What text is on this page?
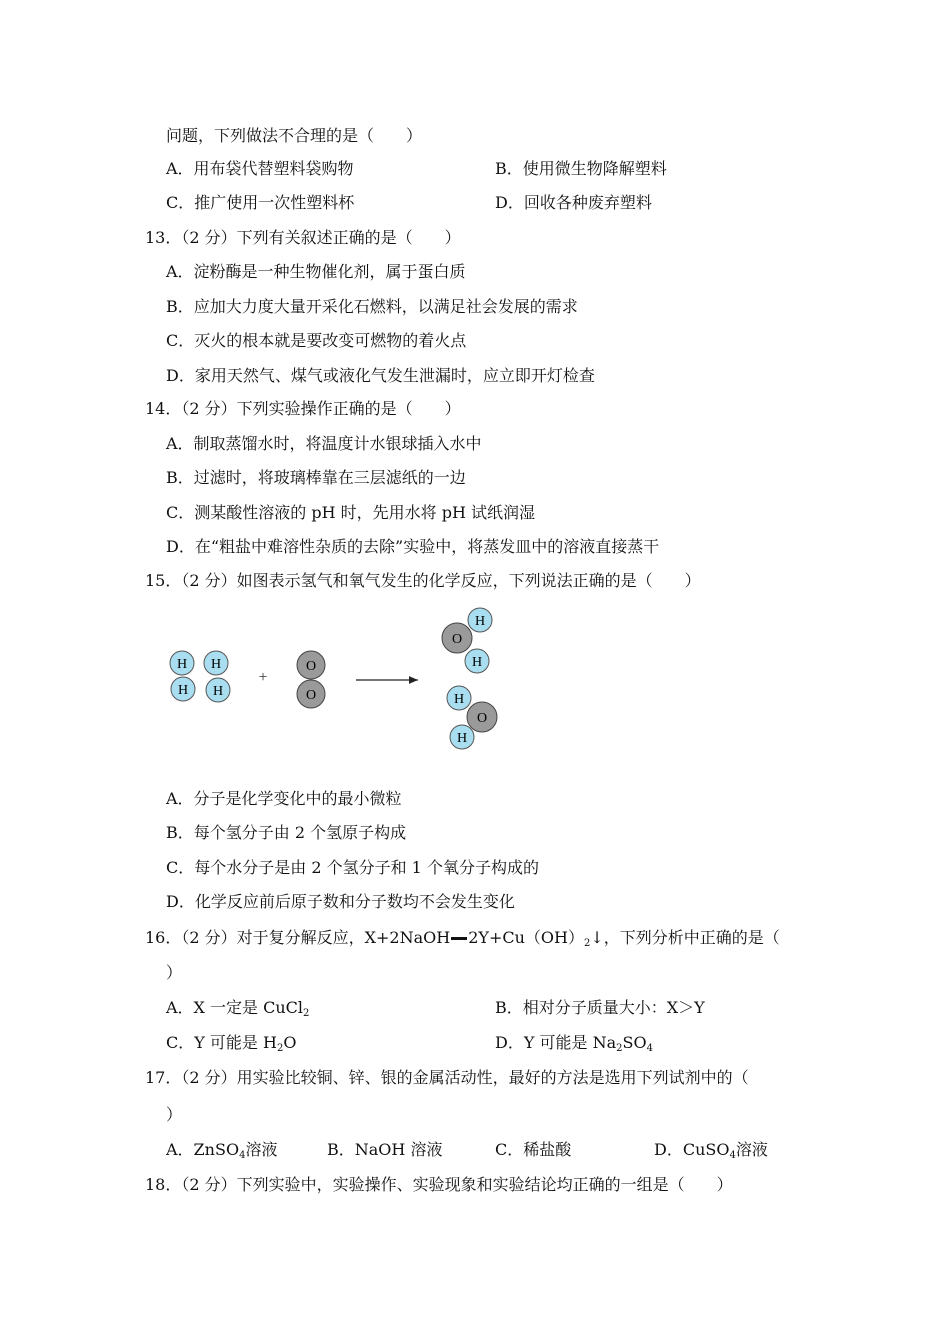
问题，下列做法不合理的是（　　）
A．用布袋代替塑料袋购物	B．使用微生物降解塑料
C．推广使用一次性塑料杯	D．回收各种废弃塑料
13．（2 分）下列有关叙述正确的是（　　）
A．淀粉酶是一种生物催化剂，属于蛋白质
B．应加大力度大量开采化石燃料，以满足社会发展的需求
C．灭火的根本就是要改变可燃物的着火点
D．家用天然气、煤气或液化气发生泄漏时，应立即开灯检查
14．（2 分）下列实验操作正确的是（　　）
A．制取蒸馏水时，将温度计水银球插入水中
B．过滤时，将玻璃棒靠在三层滤纸的一边
C．测某酸性溶液的 pH 时，先用水将 pH 试纸润湿
D．在“粗盐中难溶性杂质的去除”实验中，将蒸发皿中的溶液直接蒸干
15．（2 分）如图表示氢气和氧气发生的化学反应，下列说法正确的是（　　）
H
H
H
H
+
O
O
O
H
H
O
H
H
A．分子是化学变化中的最小微粒
B．每个氢分子由 2 个氢原子构成
C．每个水分子是由 2 个氢分子和 1 个氧分子构成的
D．化学反应前后原子数和分子数均不会发生变化
16．（2 分）对于复分解反应，X+2NaOH $2Y+Cu(OH)_2↓$，下列分析中正确的是（
）
A．X 一定是 CuCl$_2$	B．相对分子质量大小：X＞Y
C．Y 可能是 $H_2O$	D．Y 可能是 $Na_2SO_4$
17．（2 分）用实验比较铜、锌、银的金属活动性，最好的方法是选用下列试剂中的（
）
A．ZnSO$_4$溶液	B．NaOH 溶液	C．稀盐酸	D．CuSO$_4$溶液
18．（2 分）下列实验中，实验操作、实验现象和实验结论均正确的一组是（　　）
